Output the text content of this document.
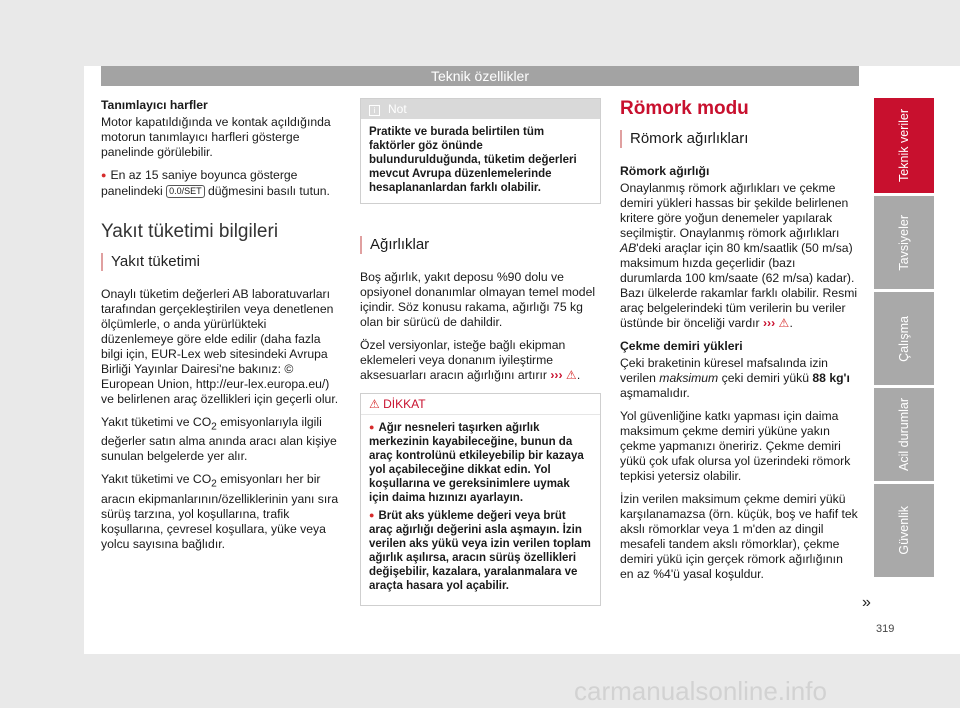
Teknik özellikler

Tanımlayıcı harfler

Motor kapatıldığında ve kontak açıldığında motorun tanımlayıcı harfleri gösterge panelinde görülebilir.

● En az 15 saniye boyunca gösterge panelindeki 0.0/SET düğmesini basılı tutun.

Yakıt tüketimi bilgileri
Yakıt tüketimi

Onaylı tüketim değerleri AB laboratuvarları tarafından gerçekleştirilen veya denetlenen ölçümlerle, o anda yürürlükteki düzenlemeye göre elde edilir (daha fazla bilgi için, EUR-Lex web sitesindeki Avrupa Birliği Yayınlar Dairesi'ne bakınız: © European Union, http://eur-lex.europa.eu/) ve belirlenen araç özellikleri için geçerli olur.

Yakıt tüketimi ve $CO_2$ emisyonlarıyla ilgili değerler satın alma anında aracı alan kişiye sunulan belgelerde yer alır.

Yakıt tüketimi ve $CO_2$ emisyonları her bir aracın ekipmanlarının/özelliklerinin yanı sıra sürüş tarzına, yol koşullarına, trafik koşullarına, çevresel koşullara, yüke veya yolcu sayısına bağlıdır.

i Not
Pratikte ve burada belirtilen tüm faktörler göz önünde bulundurulduğunda, tüketim değerleri mevcut Avrupa düzenlemelerinde hesaplananlardan farklı olabilir.
Ağırlıklar

Boş ağırlık, yakıt deposu %90 dolu ve opsiyonel donanımlar olmayan temel model içindir. Söz konusu rakama, ağırlığı 75 kg olan bir sürücü de dahildir.

Özel versiyonlar, isteğe bağlı ekipman eklemeleri veya donanım iyileştirme aksesuarları aracın ağırlığını artırır ››› ⚠.

⚠ DİKKAT
● Ağır nesneleri taşırken ağırlık merkezinin kayabileceğine, bunun da araç kontrolünü etkileyebilip bir kazaya yol açabileceğine dikkat edin. Yol koşullarına ve gereksinimlere uymak için daima hızınızı ayarlayın.
● Brüt aks yükleme değeri veya brüt araç ağırlığı değerini asla aşmayın. İzin verilen aks yükü veya izin verilen toplam ağırlık aşılırsa, aracın sürüş özellikleri değişebilir, kazalara, yaralanmalara ve araçta hasara yol açabilir.
Römork modu
Römork ağırlıkları

Römork ağırlığı

Onaylanmış römork ağırlıkları ve çekme demiri yükleri hassas bir şekilde belirlenen kritere göre yoğun denemeler yapılarak seçilmiştir. Onaylanmış römork ağırlıkları AB'deki araçlar için 80 km/saatlik (50 m/sa) maksimum hızda geçerlidir (bazı durumlarda 100 km/saate (62 m/sa) kadar). Bazı ülkelerde rakamlar farklı olabilir. Resmi araç belgelerindeki tüm verilerin bu veriler üstünde bir önceliği vardır ››› ⚠.

Çekme demiri yükleri

Çeki braketinin küresel mafsalında izin verilen maksimum çeki demiri yükü 88 kg'ı aşmamalıdır.

Yol güvenliğine katkı yapması için daima maksimum çekme demiri yüküne yakın çekme yapmanızı öneririz. Çekme demiri yükü çok ufak olursa yol üzerindeki römork tepkisi yetersiz olabilir.

İzin verilen maksimum çekme demiri yükü karşılanamazsa (örn. küçük, boş ve hafif tek akslı römorklar veya 1 m'den az dingil mesafeli tandem akslı römorklar), çekme demiri yükü için gerçek römork ağırlığının en az %4'ü yasal koşuldur.

Teknik veriler
Tavsiyeler
Çalışma
Acil durumlar
Güvenlik
»
319
carmanualsonline.info
